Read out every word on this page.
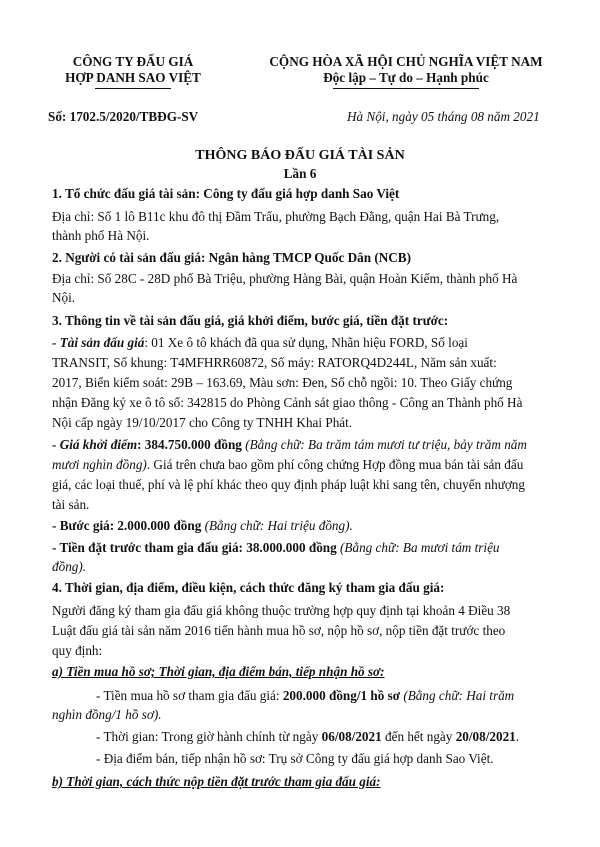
CÔNG TY ĐẤU GIÁ
HỢP DANH SAO VIỆT
CỘNG HÒA XÃ HỘI CHỦ NGHĨA VIỆT NAM
Độc lập – Tự do – Hạnh phúc
Số: 1702.5/2020/TBĐG-SV	Hà Nội, ngày 05 tháng 08 năm 2021
THÔNG BÁO ĐẤU GIÁ TÀI SẢN
Lần 6
1. Tổ chức đấu giá tài sản: Công ty đấu giá hợp danh Sao Việt
Địa chỉ: Số 1 lô B11c khu đô thị Đầm Trấu, phường Bạch Đằng, quận Hai Bà Trưng,
thành phố Hà Nội.
2. Người có tài sản đấu giá: Ngân hàng TMCP Quốc Dân (NCB)
Địa chỉ: Số 28C - 28D phố Bà Triệu, phường Hàng Bài, quận Hoàn Kiếm, thành phố Hà
Nội.
3. Thông tin về tài sản đấu giá, giá khởi điểm, bước giá, tiền đặt trước:
- Tài sản đấu giá: 01 Xe ô tô khách đã qua sử dụng, Nhãn hiệu FORD, Số loại
TRANSIT, Số khung: T4MFHRR60872, Số máy: RATORQ4D244L, Năm sản xuất:
2017, Biển kiểm soát: 29B – 163.69, Màu sơn: Đen, Số chỗ ngồi: 10. Theo Giấy chứng
nhận Đăng ký xe ô tô số: 342815 do Phòng Cảnh sát giao thông - Công an Thành phố Hà
Nội cấp ngày 19/10/2017 cho Công ty TNHH Khai Phát.
- Giá khởi điểm: 384.750.000 đồng (Bằng chữ: Ba trăm tám mươi tư triệu, bảy trăm năm
mươi nghìn đồng). Giá trên chưa bao gồm phí công chứng Hợp đồng mua bán tài sản đấu
giá, các loại thuế, phí và lệ phí khác theo quy định pháp luật khi sang tên, chuyển nhượng
tài sản.
- Bước giá: 2.000.000 đồng (Bằng chữ: Hai triệu đồng).
- Tiền đặt trước tham gia đấu giá: 38.000.000 đồng (Bằng chữ: Ba mươi tám triệu
đồng).
4. Thời gian, địa điểm, điều kiện, cách thức đăng ký tham gia đấu giá:
Người đăng ký tham gia đấu giá không thuộc trường hợp quy định tại khoản 4 Điều 38
Luật đấu giá tài sản năm 2016 tiến hành mua hồ sơ, nộp hồ sơ, nộp tiền đặt trước theo
quy định:
a) Tiền mua hồ sơ; Thời gian, địa điểm bán, tiếp nhận hồ sơ:
- Tiền mua hồ sơ tham gia đấu giá: 200.000 đồng/1 hồ sơ (Bằng chữ: Hai trăm
nghìn đồng/1 hồ sơ).
- Thời gian: Trong giờ hành chính từ ngày 06/08/2021 đến hết ngày 20/08/2021.
- Địa điểm bán, tiếp nhận hồ sơ: Trụ sở Công ty đấu giá hợp danh Sao Việt.
b) Thời gian, cách thức nộp tiền đặt trước tham gia đấu giá:
